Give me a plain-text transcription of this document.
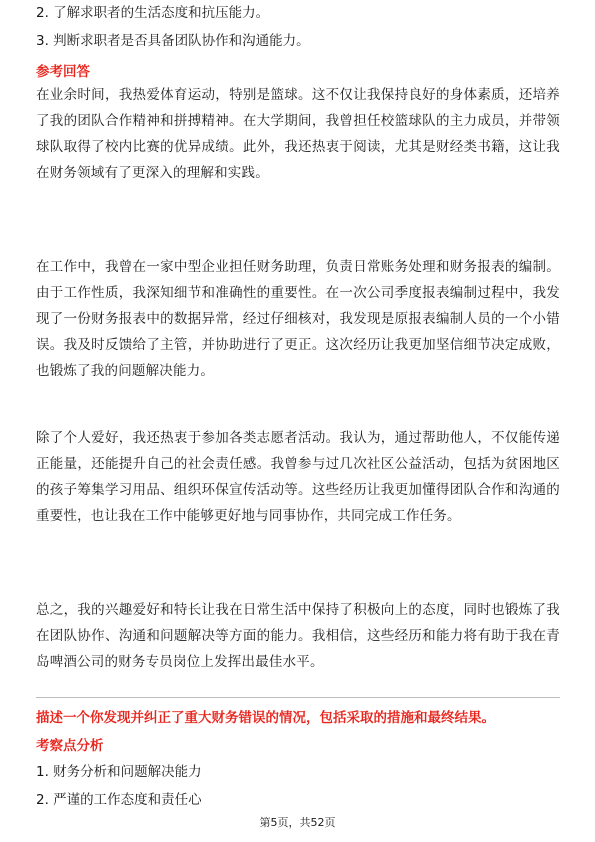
2. 了解求职者的生活态度和抗压能力。
3. 判断求职者是否具备团队协作和沟通能力。
参考回答
在业余时间，我热爱体育运动，特别是篮球。这不仅让我保持良好的身体素质，还培养了我的团队合作精神和拼搏精神。在大学期间，我曾担任校篮球队的主力成员，并带领球队取得了校内比赛的优异成绩。此外，我还热衷于阅读，尤其是财经类书籍，这让我在财务领域有了更深入的理解和实践。
在工作中，我曾在一家中型企业担任财务助理，负责日常账务处理和财务报表的编制。由于工作性质，我深知细节和准确性的重要性。在一次公司季度报表编制过程中，我发现了一份财务报表中的数据异常，经过仔细核对，我发现是原报表编制人员的一个小错误。我及时反馈给了主管，并协助进行了更正。这次经历让我更加坚信细节决定成败，也锻炼了我的问题解决能力。
除了个人爱好，我还热衷于参加各类志愿者活动。我认为，通过帮助他人，不仅能传递正能量，还能提升自己的社会责任感。我曾参与过几次社区公益活动，包括为贫困地区的孩子筹集学习用品、组织环保宣传活动等。这些经历让我更加懂得团队合作和沟通的重要性，也让我在工作中能够更好地与同事协作，共同完成工作任务。
总之，我的兴趣爱好和特长让我在日常生活中保持了积极向上的态度，同时也锻炼了我在团队协作、沟通和问题解决等方面的能力。我相信，这些经历和能力将有助于我在青岛啤酒公司的财务专员岗位上发挥出最佳水平。
描述一个你发现并纠正了重大财务错误的情况，包括采取的措施和最终结果。
考察点分析
1. 财务分析和问题解决能力
2. 严谨的工作态度和责任心
第5页，共52页
